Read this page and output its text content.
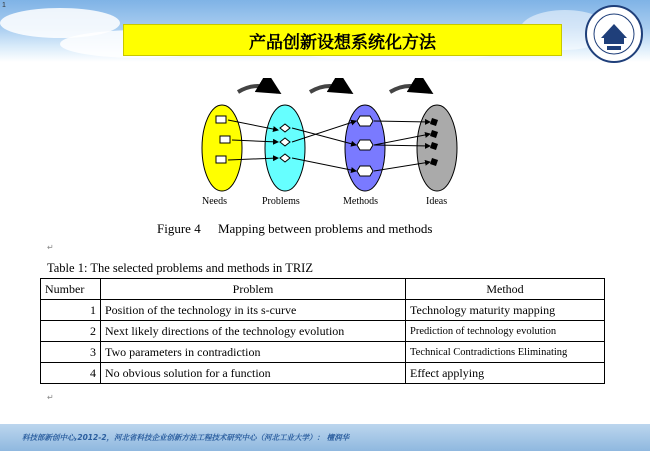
1
产品创新设想系统化方法
Needs	Problems	Methods	Ideas
Figure 4 Mapping between problems and methods
↵
Table 1: The selected problems and methods in TRIZ
Number	Problem	Method
1	Position of the technology in its s-curve	Technology maturity mapping
2	Next likely directions of the technology evolution	Prediction of technology evolution
3	Two parameters in contradiction	Technical Contradictions Eliminating
4	No obvious solution for a function	Effect applying
↵
科技部新创中心,2012-2，河北省科技企业创新方法工程技术研究中心（河北工业大学）： 檀润华
